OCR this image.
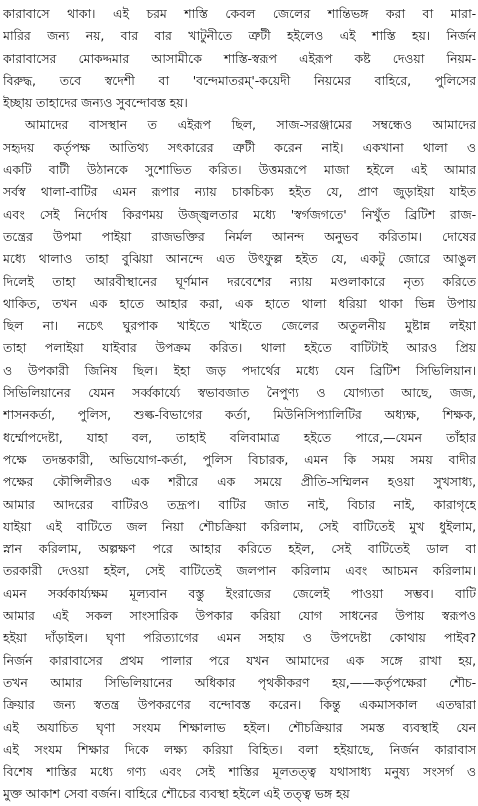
কারাবাসে থাকা। এই চরম শাস্তি কেবল জেলের শান্তিভঙ্গ করা বা মারা-
মারির জন্য নয়, বার বার খাটুনীতে ত্রুটী হইলেও এই শাস্তি হয়। নির্জন
কারাবাসের মোকদ্দমার আসামীকে শাস্তি-স্বরূপ এইরূপ কষ্ট দেওয়া নিয়ম-
বিরুদ্ধ, তবে স্বদেশী বা 'বন্দেমাতরম্'-কয়েদী নিয়মের বাহিরে, পুলিসের
ইচ্ছায় তাহাদের জন্যও সুবন্দোবস্ত হয়।
আমাদের বাসস্থান ত এইরূপ ছিল, সাজ-সরঞ্জামের সম্বন্ধেও আমাদের
সহৃদয় কর্তৃপক্ষ আতিথ্য সৎকারের ত্রুটী করেন নাই। একখানা থালা ও
একটি বাটী উঠানকে সুশোভিত করিত। উত্তমরূপে মাজা হইলে এই আমার
সর্বস্ব থালা-বাটির এমন রূপার ন্যায় চাকচিক্য হইত যে, প্রাণ জুড়াইয়া যাইত
এবং সেই নির্দোষ কিরণময় উজ্জ্বলতার মধ্যে 'স্বর্গজগতে' নিখুঁত ব্রিটিশ রাজ-
তন্ত্রের উপমা পাইয়া রাজভক্তির নির্মল আনন্দ অনুভব করিতাম। দোষের
মধ্যে থালাও তাহা বুঝিয়া আনন্দে এত উৎফুল্ল হইত যে, একটু জোরে আঙুল
দিলেই তাহা আরবীস্থানের ঘূর্ণমান দরবেশের ন্যায় মণ্ডলাকারে নৃত্য করিতে
থাকিত, তখন এক হাতে আহার করা, এক হাতে থালা ধরিয়া থাকা ভিন্ন উপায়
ছিল না। নচেৎ ঘুরপাক খাইতে খাইতে জেলের অতুলনীয় মুষ্টান্ন লইয়া
তাহা পলাইয়া যাইবার উপক্রম করিত। থালা হইতে বাটিটাই আরও প্রিয়
ও উপকারী জিনিষ ছিল। ইহা জড় পদার্থের মধ্যে যেন ব্রিটিশ সিভিলিয়ান।
সিভিলিয়ানের যেমন সর্ব্বকার্য্যে স্বভাবজাত নৈপুণ্য ও যোগ্যতা আছে, জজ,
শাসনকর্তা, পুলিস, শুল্ক-বিভাগের কর্তা, মিউনিসিপ্যালিটির অধ্যক্ষ, শিক্ষক,
ধর্ম্মোপদেষ্টা, যাহা বল, তাহাই বলিবামাত্র হইতে পারে,—যেমন তাঁহার
পক্ষে তদন্তকারী, অভিযোগ-কর্তা, পুলিস বিচারক, এমন কি সময় সময় বাদীর
পক্ষের কৌন্সিলীরও এক শরীরে এক সময়ে প্রীতি-সম্মিলন হওয়া সুখসাধ্য,
আমার আদরের বাটিরও তদ্রূপ। বাটির জাত নাই, বিচার নাই, কারাগৃহে
যাইয়া এই বাটিতে জল নিয়া শৌচক্রিয়া করিলাম, সেই বাটিতেই মুখ ধুইলাম,
স্নান করিলাম, অল্পক্ষণ পরে আহার করিতে হইল, সেই বাটিতেই ডাল বা
তরকারী দেওয়া হইল, সেই বাটিতেই জলপান করিলাম এবং আচমন করিলাম।
এমন সর্ব্বকার্য্যক্ষম মূল্যবান বস্তু ইংরাজের জেলেই পাওয়া সম্ভব। বাটি
আমার এই সকল সাংসারিক উপকার করিয়া যোগ সাধনের উপায় স্বরূপও
হইয়া দাঁড়াইল। ঘৃণা পরিত্যাগের এমন সহায় ও উপদেষ্টা কোথায় পাইব?
নির্জন কারাবাসের প্রথম পালার পরে যখন আমাদের এক সঙ্গে রাখা হয়,
তখন আমার সিভিলিয়ানের অধিকার পৃথকীকরণ হয়,——কর্তৃপক্ষেরা শৌচ-
ক্রিয়ার জন্য স্বতন্ত্র উপকরণের বন্দোবস্ত করেন। কিন্তু একমাসকাল এতদ্বারা
এই অযাচিত ঘৃণা সংযম শিক্ষালাভ হইল। শৌচক্রিয়ার সমস্ত ব্যবস্থাই যেন
এই সংযম শিক্ষার দিকে লক্ষ্য করিয়া বিহিত। বলা হইয়াছে, নির্জন কারাবাস
বিশেষ শাস্তির মধ্যে গণ্য এবং সেই শাস্তির মূলতত্ত্ব যথাসাধ্য মনুষ্য সংসর্গ ও
মুক্ত আকাশ সেবা বর্জন। বাহিরে শৌচের ব্যবস্থা হইলে এই তত্ত্ব ভঙ্গ হয়
